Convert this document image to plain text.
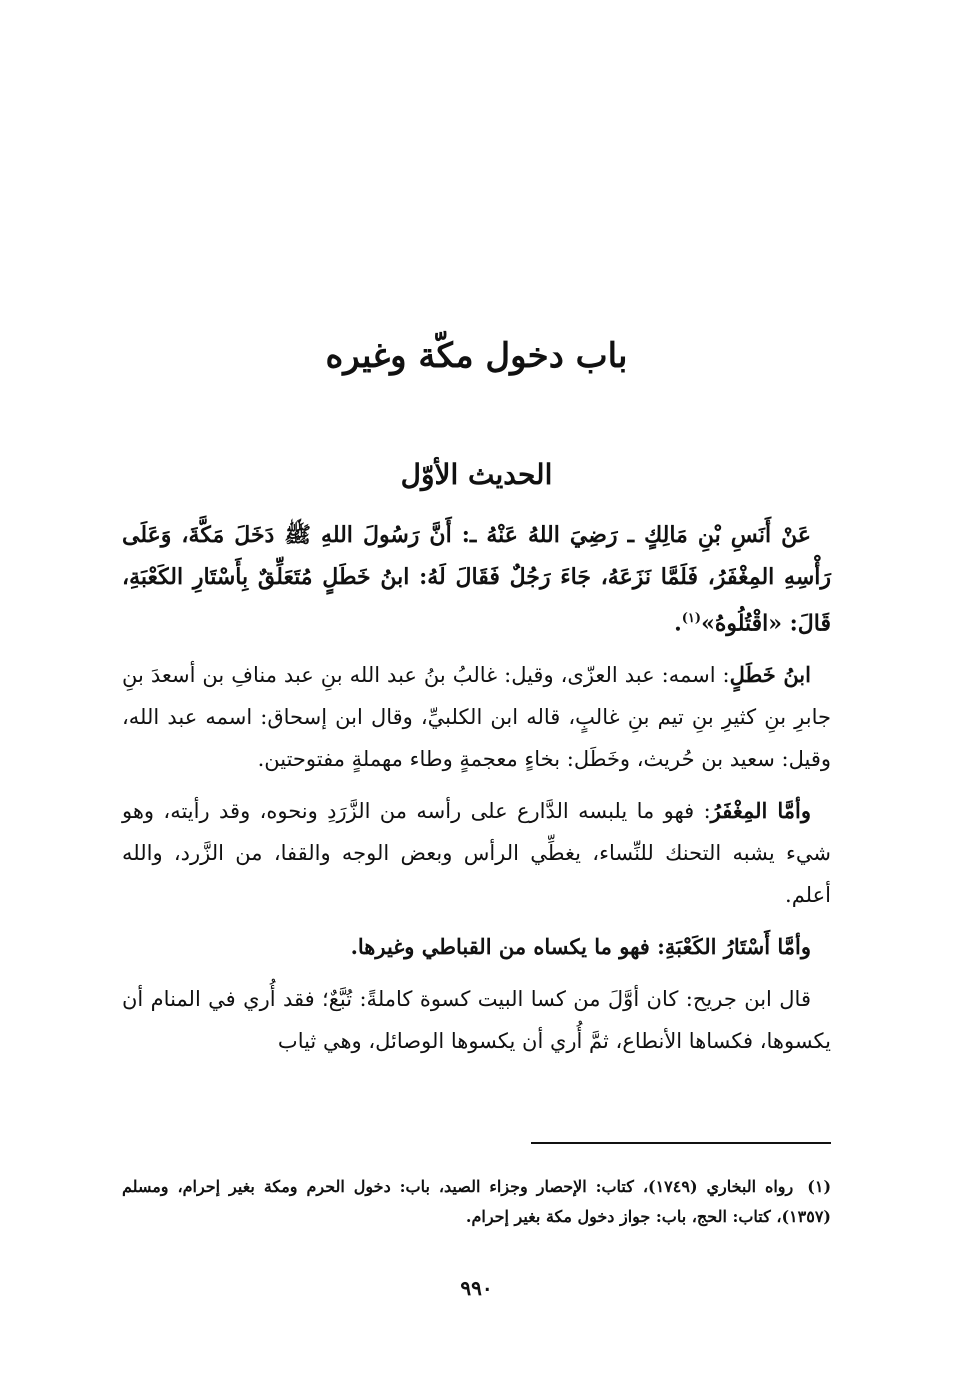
باب دخول مكّة وغيره
الحديث الأوّل

عَنْ أَنَسِ بْنِ مَالِكٍ ـ رَضِيَ اللهُ عَنْهُ ـ: أَنَّ رَسُولَ اللهِ ﷺ دَخَلَ مَكَّةَ، وَعَلَى رَأْسِهِ المِغْفَرُ، فَلَمَّا نَزَعَهُ، جَاءَ رَجُلٌ فَقَالَ لَهُ: ابنُ خَطَلٍ مُتَعَلِّقٌ بِأَسْتَارِ الكَعْبَةِ، قَالَ: «اقْتُلُوهُ»$^{(١)}$.

ابنُ خَطَلٍ: اسمه: عبد العزّى، وقيل: غالبُ بنُ عبد الله بنِ عبد منافِ بن أسعدَ بنِ جابرِ بنِ كثيرِ بنِ تيم بنِ غالبٍ، قاله ابن الكلبيِّ، وقال ابن إسحاق: اسمه عبد الله، وقيل: سعيد بن حُريث، وخَطَل: بخاءٍ معجمةٍ وطاء مهملةٍ مفتوحتين.

وأمَّا المِغْفَرُ: فهو ما يلبسه الدَّارع على رأسه من الزَّرَدِ ونحوه، وقد رأيته، وهو شيء يشبه التحنك للنِّساء، يغطِّي الرأس وبعض الوجه والقفا، من الزَّرد، والله أعلم.

وأمَّا أَسْتَارُ الكَعْبَةِ: فهو ما يكساه من القباطي وغيرها.

قال ابن جريح: كان أوَّلَ من كسا البيت كسوة كاملةً: تُبَّعٌ؛ فقد أُري في المنام أن يكسوها، فكساها الأنطاع، ثمَّ أُري أن يكسوها الوصائل، وهي ثياب

(١)رواه البخاري (١٧٤٩)، كتاب: الإحصار وجزاء الصيد، باب: دخول الحرم ومكة بغير إحرام، ومسلم (١٣٥٧)، كتاب: الحج، باب: جواز دخول مكة بغير إحرام.

٩٩٠
